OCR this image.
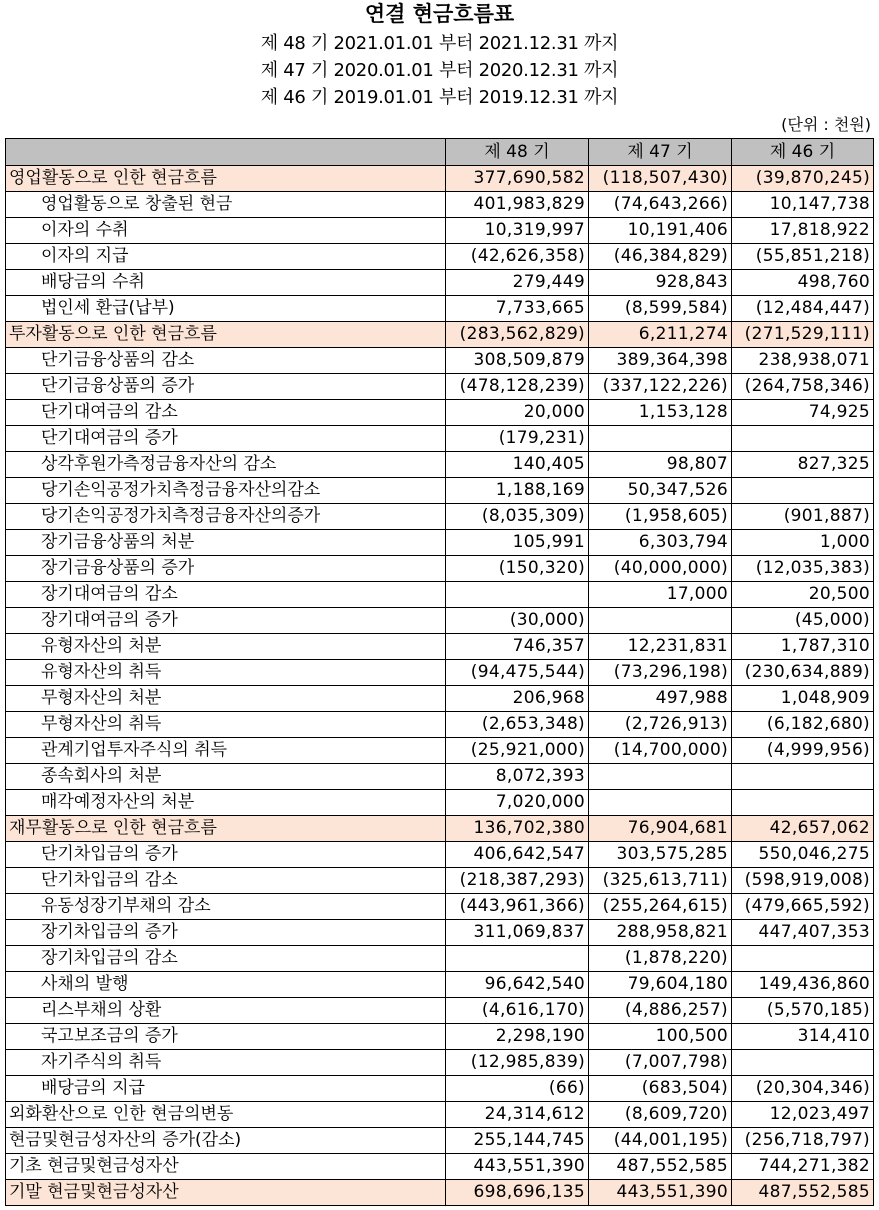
연결 현금흐름표
제 48 기 2021.01.01 부터 2021.12.31 까지
제 47 기 2020.01.01 부터 2020.12.31 까지
제 46 기 2019.01.01 부터 2019.12.31 까지
(단위 : 천원)
	제 48 기	제 47 기	제 46 기
영업활동으로 인한 현금흐름	377,690,582	(118,507,430)	(39,870,245)
영업활동으로 창출된 현금	401,983,829	(74,643,266)	10,147,738
이자의 수취	10,319,997	10,191,406	17,818,922
이자의 지급	(42,626,358)	(46,384,829)	(55,851,218)
배당금의 수취	279,449	928,843	498,760
법인세 환급(납부)	7,733,665	(8,599,584)	(12,484,447)
투자활동으로 인한 현금흐름	(283,562,829)	6,211,274	(271,529,111)
단기금융상품의 감소	308,509,879	389,364,398	238,938,071
단기금융상품의 증가	(478,128,239)	(337,122,226)	(264,758,346)
단기대여금의 감소	20,000	1,153,128	74,925
단기대여금의 증가	(179,231)		
상각후원가측정금융자산의 감소	140,405	98,807	827,325
당기손익공정가치측정금융자산의감소	1,188,169	50,347,526	
당기손익공정가치측정금융자산의증가	(8,035,309)	(1,958,605)	(901,887)
장기금융상품의 처분	105,991	6,303,794	1,000
장기금융상품의 증가	(150,320)	(40,000,000)	(12,035,383)
장기대여금의 감소		17,000	20,500
장기대여금의 증가	(30,000)		(45,000)
유형자산의 처분	746,357	12,231,831	1,787,310
유형자산의 취득	(94,475,544)	(73,296,198)	(230,634,889)
무형자산의 처분	206,968	497,988	1,048,909
무형자산의 취득	(2,653,348)	(2,726,913)	(6,182,680)
관계기업투자주식의 취득	(25,921,000)	(14,700,000)	(4,999,956)
종속회사의 처분	8,072,393		
매각예정자산의 처분	7,020,000		
재무활동으로 인한 현금흐름	136,702,380	76,904,681	42,657,062
단기차입금의 증가	406,642,547	303,575,285	550,046,275
단기차입금의 감소	(218,387,293)	(325,613,711)	(598,919,008)
유동성장기부채의 감소	(443,961,366)	(255,264,615)	(479,665,592)
장기차입금의 증가	311,069,837	288,958,821	447,407,353
장기차입금의 감소		(1,878,220)	
사채의 발행	96,642,540	79,604,180	149,436,860
리스부채의 상환	(4,616,170)	(4,886,257)	(5,570,185)
국고보조금의 증가	2,298,190	100,500	314,410
자기주식의 취득	(12,985,839)	(7,007,798)	
배당금의 지급	(66)	(683,504)	(20,304,346)
외화환산으로 인한 현금의변동	24,314,612	(8,609,720)	12,023,497
현금및현금성자산의 증가(감소)	255,144,745	(44,001,195)	(256,718,797)
기초 현금및현금성자산	443,551,390	487,552,585	744,271,382
기말 현금및현금성자산	698,696,135	443,551,390	487,552,585
